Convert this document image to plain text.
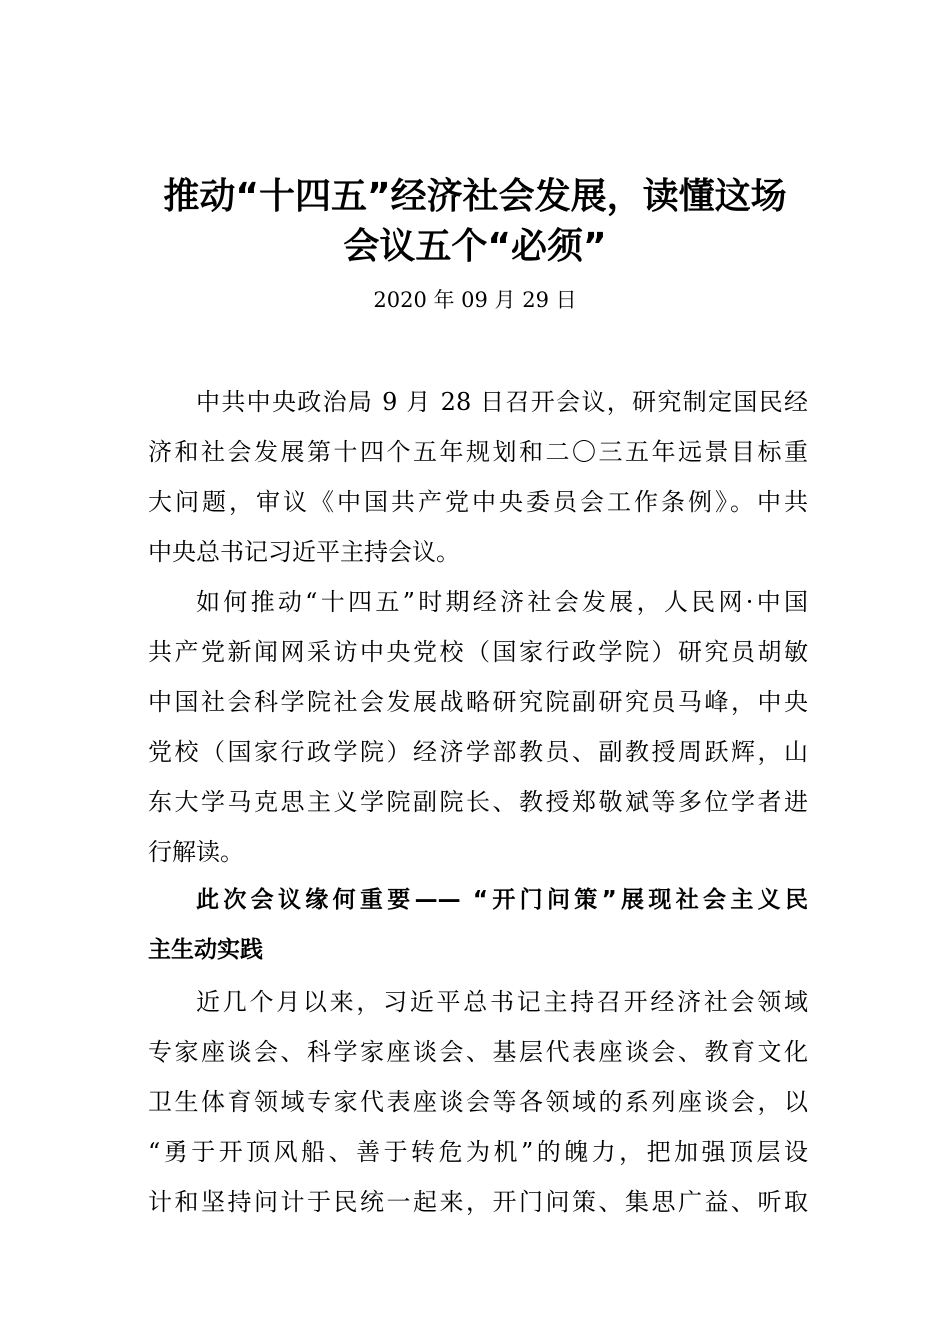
推动“十四五”经济社会发展，读懂这场
会议五个“必须”
2020 年 09 月 29 日
中共中央政治局 9 月 28 日召开会议，研究制定国民经
济和社会发展第十四个五年规划和二〇三五年远景目标重
大问题，审议《中国共产党中央委员会工作条例》。中共
中央总书记习近平主持会议。
如何推动“十四五”时期经济社会发展，人民网·中国
共产党新闻网采访中央党校（国家行政学院）研究员胡敏
中国社会科学院社会发展战略研究院副研究员马峰，中央
党校（国家行政学院）经济学部教员、副教授周跃辉，山
东大学马克思主义学院副院长、教授郑敬斌等多位学者进
行解读。
此次会议缘何重要—— “开门问策”展现社会主义民
主生动实践
近几个月以来，习近平总书记主持召开经济社会领域
专家座谈会、科学家座谈会、基层代表座谈会、教育文化
卫生体育领域专家代表座谈会等各领域的系列座谈会，以
“勇于开顶风船、善于转危为机”的魄力，把加强顶层设
计和坚持问计于民统一起来，开门问策、集思广益、听取
